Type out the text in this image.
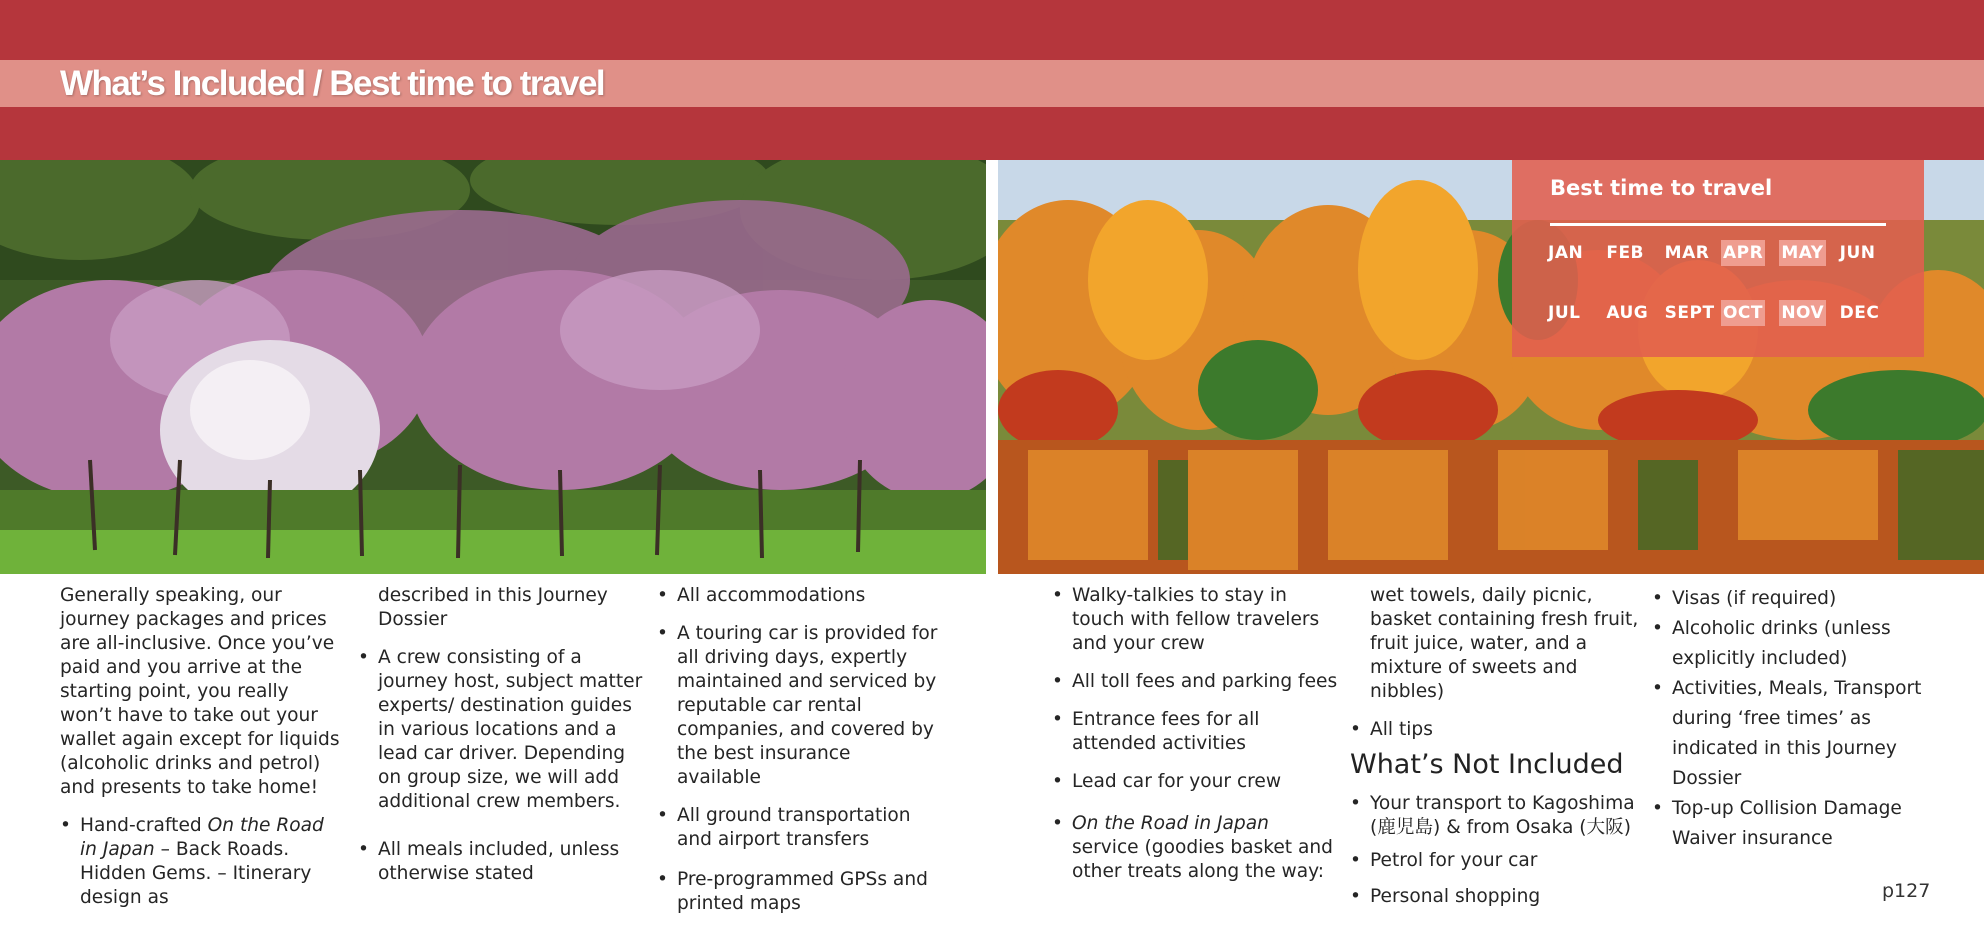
What’s Included / Best time to travel
Best time to travel
JAN FEB MAR APR MAY JUN
JUL AUG SEPT OCT NOV DEC

Generally speaking, our journey packages and prices are all-inclusive. Once you’ve paid and you arrive at the starting point, you really won’t have to take out your wallet again except for liquids (alcoholic drinks and petrol) and presents to take home!

• Hand-crafted On the Road in Japan – Back Roads. Hidden Gems. – Itinerary design as

described in this Journey Dossier

• A crew consisting of a journey host, subject matter experts/ destination guides in various locations and a lead car driver. Depending on group size, we will add additional crew members.
• All meals included, unless otherwise stated
• All accommodations
• A touring car is provided for all driving days, expertly maintained and serviced by reputable car rental companies, and covered by the best insurance available
• All ground transportation and airport transfers
• Pre-programmed GPSs and printed maps
• Walky-talkies to stay in touch with fellow travelers and your crew
• All toll fees and parking fees
• Entrance fees for all attended activities
• Lead car for your crew
• On the Road in Japan service (goodies basket and other treats along the way:

wet towels, daily picnic, basket containing fresh fruit, fruit juice, water, and a mixture of sweets and nibbles)

• All tips
What’s Not Included
• Your transport to Kagoshima (鹿児島) & from Osaka (大阪)
• Petrol for your car
• Personal shopping
• Visas (if required)
• Alcoholic drinks (unless explicitly included)
• Activities, Meals, Transport during ‘free times’ as indicated in this Journey Dossier
• Top-up Collision Damage Waiver insurance
p127
